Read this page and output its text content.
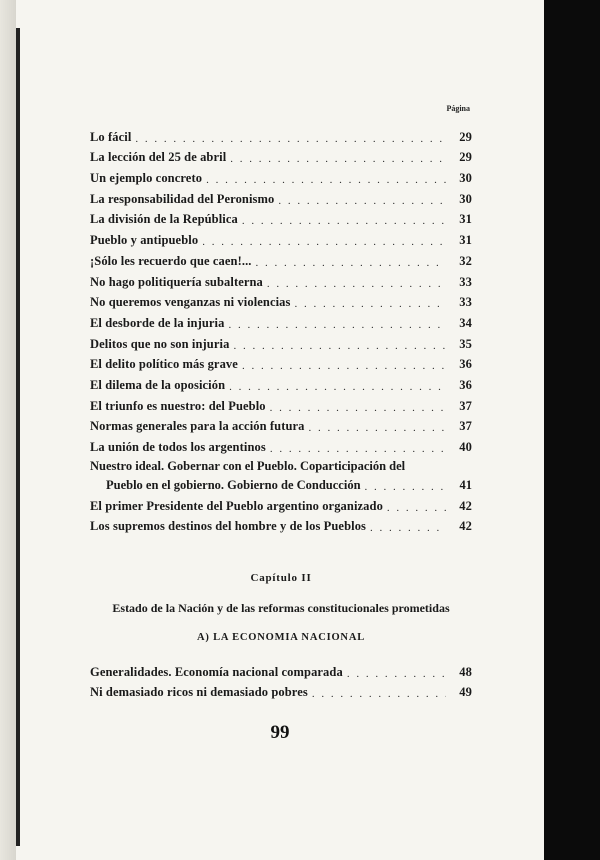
Página
Lo fácil . . .	29
La lección del 25 de abril . . .	29
Un ejemplo concreto . . .	30
La responsabilidad del Peronismo . . .	30
La división de la República . . .	31
Pueblo y antipueblo . . .	31
¡Sólo les recuerdo que caen!... . . .	32
No hago politiquería subalterna . . .	33
No queremos venganzas ni violencias . . .	33
El desborde de la injuria . . .	34
Delitos que no son injuria . . .	35
El delito político más grave . . .	36
El dilema de la oposición . . .	36
El triunfo es nuestro: del Pueblo . . .	37
Normas generales para la acción futura . . .	37
La unión de todos los argentinos . . .	40
Nuestro ideal. Gobernar con el Pueblo. Coparticipación del
Pueblo en el gobierno. Gobierno de Conducción . . .	41
El primer Presidente del Pueblo argentino organizado . . .	42
Los supremos destinos del hombre y de los Pueblos . . .	42
Capítulo II
Estado de la Nación y de las reformas constitucionales prometidas
A) LA ECONOMIA NACIONAL
Generalidades. Economía nacional comparada . . .	48
Ni demasiado ricos ni demasiado pobres . . .	49
99
